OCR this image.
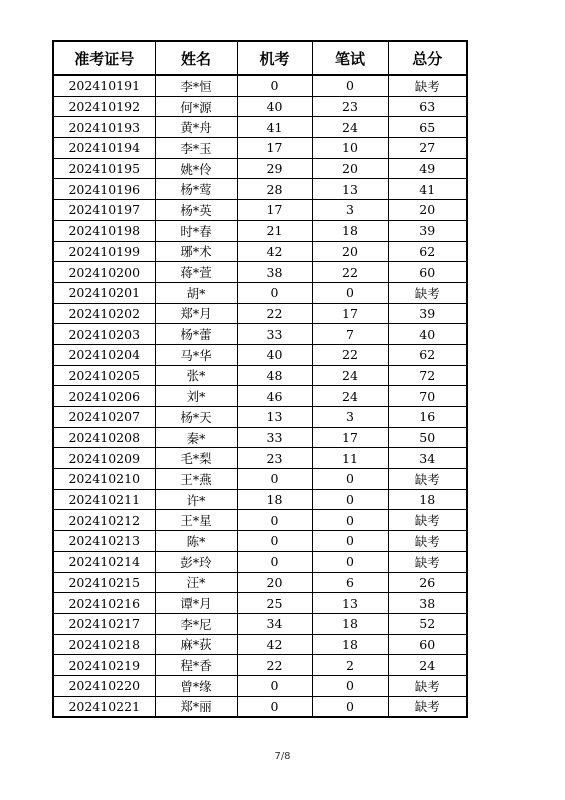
准考证号	姓名	机考	笔试	总分
202410191	李*恒	0	0	缺考
202410192	何*源	40	23	63
202410193	黄*舟	41	24	65
202410194	李*玉	17	10	27
202410195	姚*伶	29	20	49
202410196	杨*莺	28	13	41
202410197	杨*英	17	3	20
202410198	时*春	21	18	39
202410199	琊*术	42	20	62
202410200	蒋*萱	38	22	60
202410201	胡*	0	0	缺考
202410202	郑*月	22	17	39
202410203	杨*蕾	33	7	40
202410204	马*华	40	22	62
202410205	张*	48	24	72
202410206	刘*	46	24	70
202410207	杨*天	13	3	16
202410208	秦*	33	17	50
202410209	毛*梨	23	11	34
202410210	王*燕	0	0	缺考
202410211	许*	18	0	18
202410212	王*星	0	0	缺考
202410213	陈*	0	0	缺考
202410214	彭*玲	0	0	缺考
202410215	汪*	20	6	26
202410216	谭*月	25	13	38
202410217	李*尼	34	18	52
202410218	麻*荻	42	18	60
202410219	程*香	22	2	24
202410220	曾*缘	0	0	缺考
202410221	郑*丽	0	0	缺考
7/8
